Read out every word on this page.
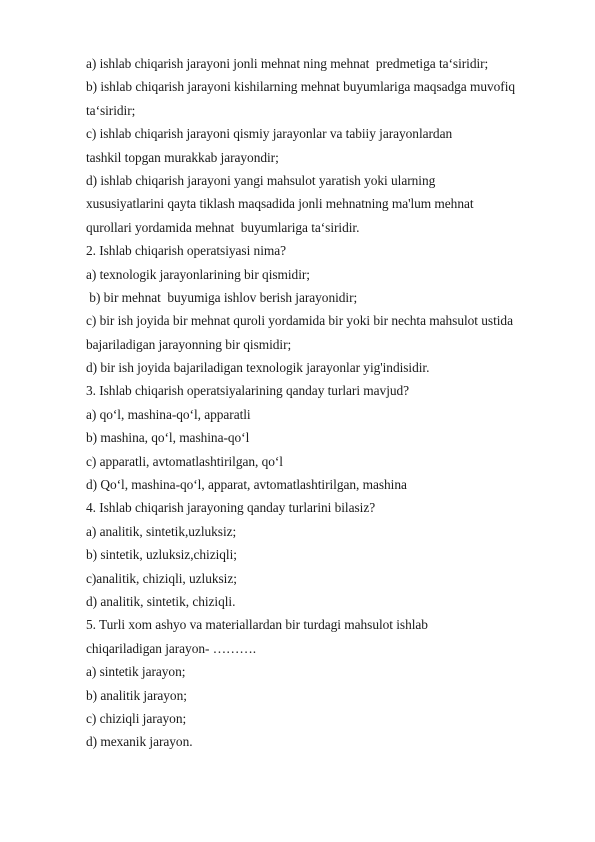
a) ishlab chiqarish jarayoni jonli mehnat ning mehnat  predmetiga ta‘siridir;
b) ishlab chiqarish jarayoni kishilarning mehnat buyumlariga maqsadga muvofiq
ta‘siridir;
c) ishlab chiqarish jarayoni qismiy jarayonlar va tabiiy jarayonlardan
tashkil topgan murakkab jarayondir;
d) ishlab chiqarish jarayoni yangi mahsulot yaratish yoki ularning
xususiyatlarini qayta tiklash maqsadida jonli mehnatning ma'lum mehnat
qurollari yordamida mehnat  buyumlariga ta‘siridir.
2. Ishlab chiqarish operatsiyasi nima?
a) texnologik jarayonlarining bir qismidir;
b) bir mehnat  buyumiga ishlov berish jarayonidir;
c) bir ish joyida bir mehnat quroli yordamida bir yoki bir nechta mahsulot ustida
bajariladigan jarayonning bir qismidir;
d) bir ish joyida bajariladigan texnologik jarayonlar yig'indisidir.
3. Ishlab chiqarish operatsiyalarining qanday turlari mavjud?
a) qo‘l, mashina-qo‘l, apparatli
b) mashina, qo‘l, mashina-qo‘l
c) apparatli, avtomatlashtirilgan, qo‘l
d) Qo‘l, mashina-qo‘l, apparat, avtomatlashtirilgan, mashina
4. Ishlab chiqarish jarayoning qanday turlarini bilasiz?
a) analitik, sintetik,uzluksiz;
b) sintetik, uzluksiz,chiziqli;
c)analitik, chiziqli, uzluksiz;
d) analitik, sintetik, chiziqli.
5. Turli xom ashyo va materiallardan bir turdagi mahsulot ishlab
chiqariladigan jarayon- ……….
a) sintetik jarayon;
b) analitik jarayon;
c) chiziqli jarayon;
d) mexanik jarayon.
